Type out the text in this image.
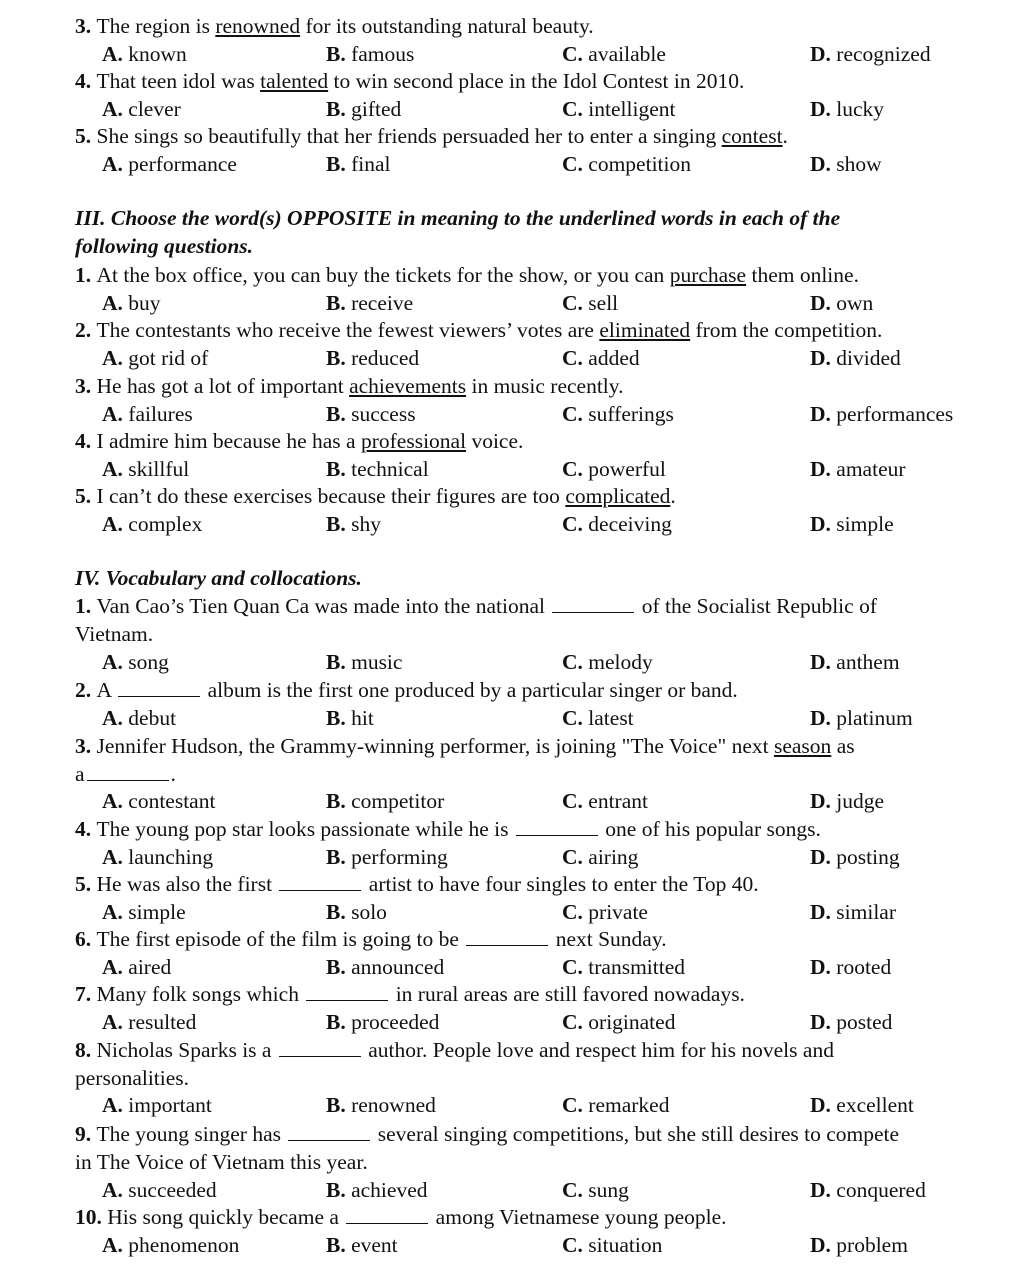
3. The region is renowned for its outstanding natural beauty.
A. known	B. famous	C. available	D. recognized
4. That teen idol was talented to win second place in the Idol Contest in 2010.
A. clever	B. gifted	C. intelligent	D. lucky
5. She sings so beautifully that her friends persuaded her to enter a singing contest.
A. performance	B. final	C. competition	D. show
III. Choose the word(s) OPPOSITE in meaning to the underlined words in each of the
following questions.
1. At the box office, you can buy the tickets for the show, or you can purchase them online.
A. buy	B. receive	C. sell	D. own
2. The contestants who receive the fewest viewers’ votes are eliminated from the competition.
A. got rid of	B. reduced	C. added	D. divided
3. He has got a lot of important achievements in music recently.
A. failures	B. success	C. sufferings	D. performances
4. I admire him because he has a professional voice.
A. skillful	B. technical	C. powerful	D. amateur
5. I can’t do these exercises because their figures are too complicated.
A. complex	B. shy	C. deceiving	D. simple
IV. Vocabulary and collocations.
1. Van Cao’s Tien Quan Ca was made into the national	of the Socialist Republic of
Vietnam.
A. song	B. music	C. melody	D. anthem
2. A	album is the first one produced by a particular singer or band.
A. debut	B. hit	C. latest	D. platinum
3. Jennifer Hudson, the Grammy-winning performer, is joining "The Voice" next season as
a	.
A. contestant	B. competitor	C. entrant	D. judge
4. The young pop star looks passionate while he is	one of his popular songs.
A. launching	B. performing	C. airing	D. posting
5. He was also the first	artist to have four singles to enter the Top 40.
A. simple	B. solo	C. private	D. similar
6. The first episode of the film is going to be	next Sunday.
A. aired	B. announced	C. transmitted	D. rooted
7. Many folk songs which	in rural areas are still favored nowadays.
A. resulted	B. proceeded	C. originated	D. posted
8. Nicholas Sparks is a	author. People love and respect him for his novels and
personalities.
A. important	B. renowned	C. remarked	D. excellent
9. The young singer has	several singing competitions, but she still desires to compete
in The Voice of Vietnam this year.
A. succeeded	B. achieved	C. sung	D. conquered
10. His song quickly became a	among Vietnamese young people.
A. phenomenon	B. event	C. situation	D. problem
